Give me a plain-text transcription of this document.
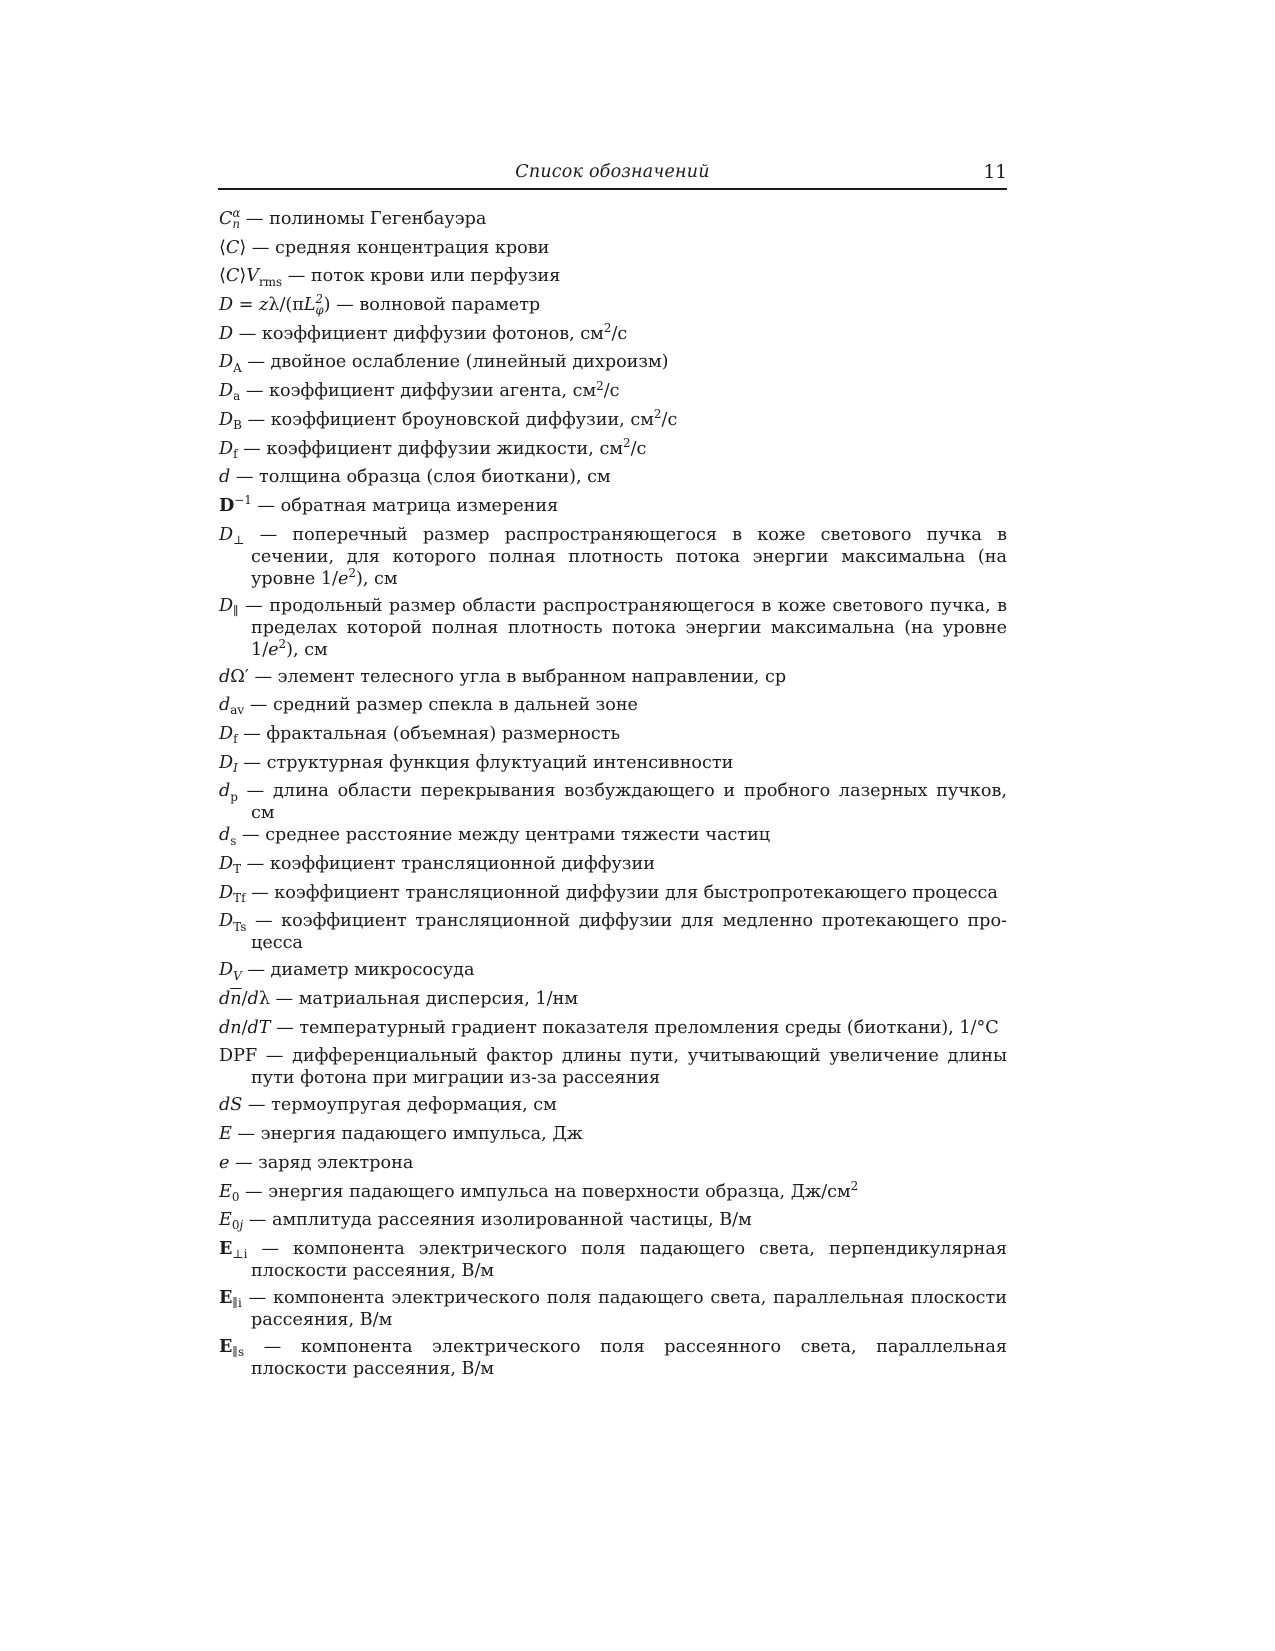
Список обозначений	11
C α
n — полиномы Гегенбауэра
⟨C⟩ — средняя концентрация крови
$⟨C⟩V_{rms}$ — поток крови или перфузия
D = zλ/(πL 2
φ ) — волновой параметр
D — коэффициент диффузии фотонов, $см^2/с$
$D_A$ — двойное ослабление (линейный дихроизм)
$D_a$ — коэффициент диффузии агента, $см^2/с$
$D_B$ — коэффициент броуновской диффузии, $см^2/с$
$D_f$ — коэффициент диффузии жидкости, $см^2/с$
d — толщина образца (слоя биоткани), см
$D^{-1}$ — обратная матрица измерения
$D_\perp$ — поперечный размер распространяющегося в коже светового пучка в сечении, для которого полная плотность потока энергии максимальна (на уровне $1/e^2$), см
$D_\parallel$ — продольный размер области распространяющегося в коже светового пучка, в пределах которой полная плотность потока энергии максимальна (на уровне $1/e^2$), см
dΩ′ — элемент телесного угла в выбранном направлении, ср
$d_{av}$ — средний размер спекла в дальней зоне
$D_f$ — фрактальная (объемная) размерность
$D_I$ — структурная функция флуктуаций интенсивности
$d_p$ — длина области перекрывания возбуждающего и пробного лазерных пучков, см
$d_s$ — среднее расстояние между центрами тяжести частиц
$D_T$ — коэффициент трансляционной диффузии
$D_{Tf}$ — коэффициент трансляционной диффузии для быстропротекающего процесса
$D_{Ts}$ — коэффициент трансляционной диффузии для медленно протекающего процесса
$D_V$ — диаметр микрососуда
$d\overline{n}/d\lambda$ — матриальная дисперсия, 1/нм
dn/dT — температурный градиент показателя преломления среды (биоткани), 1/°C
DPF — дифференциальный фактор длины пути, учитывающий увеличение длины пути фотона при миграции из-за рассеяния
dS — термоупругая деформация, см
E — энергия падающего импульса, Дж
e — заряд электрона
$E_0$ — энергия падающего импульса на поверхности образца, $Дж/см^2$
$E_{0j}$ — амплитуда рассеяния изолированной частицы, В/м
$E_{\perp i}$ — компонента электрического поля падающего света, перпендикулярная плоскости рассеяния, В/м
$E_{\parallel i}$ — компонента электрического поля падающего света, параллельная плоскости рассеяния, В/м
$E_{\parallel s}$ — компонента электрического поля рассеянного света, параллельная плоскости рассеяния, В/м
